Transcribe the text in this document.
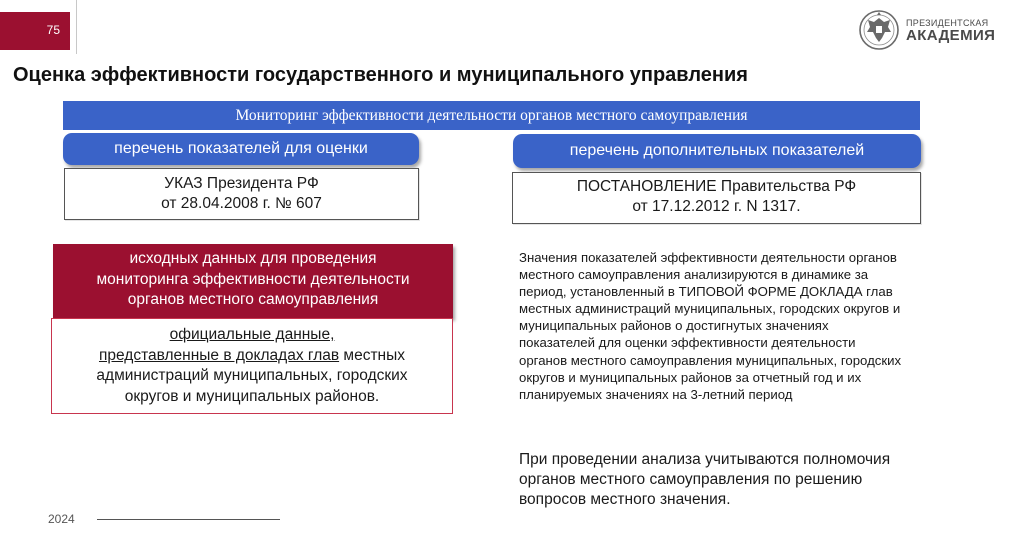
75	ПРЕЗИДЕНТСКАЯ
АКАДЕМИЯ
Оценка эффективности государственного и муниципального управления
Мониторинг эффективности деятельности органов местного самоуправления
перечень показателей для оценки	перечень дополнительных показателей
УКАЗ Президента РФ
от 28.04.2008 г. № 607
ПОСТАНОВЛЕНИЕ Правительства РФ
от 17.12.2012 г. N 1317.
исходных данных для проведения
мониторинга эффективности деятельности
органов местного самоуправления
официальные данные,
представленные в докладах глав местных
администраций муниципальных, городских
округов и муниципальных районов.
Значения показателей эффективности деятельности органов
местного самоуправления анализируются в динамике за
период, установленный в ТИПОВОЙ ФОРМЕ ДОКЛАДА глав
местных администраций муниципальных, городских округов и
муниципальных районов о достигнутых значениях
показателей для оценки эффективности деятельности
органов местного самоуправления муниципальных, городских
округов и муниципальных районов за отчетный год и их
планируемых значениях на 3-летний период
При проведении анализа учитываются полномочия
органов местного самоуправления по решению
вопросов местного значения.
2024
